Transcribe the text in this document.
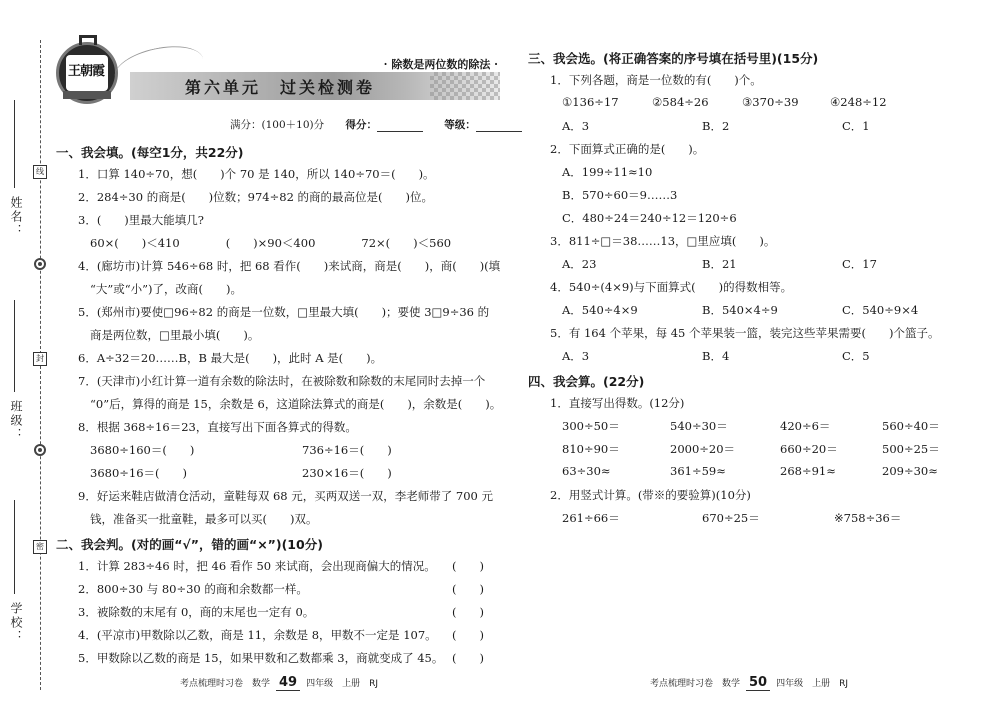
姓名：
班级：
学校：
线
封
密
王朝霞	· 除数是两位数的除法 ·
第六单元　过关检测卷
满分：(100＋10)分 得分：	等级：
一、我会填。(每空1分，共22分)
1．口算 140÷70，想(　　)个 70 是 140，所以 140÷70＝(　　)。
2．284÷30 的商是(　　)位数；974÷82 的商的最高位是(　　)位。
3．(　　)里最大能填几?
60×(　　)＜410　　　　(　　)×90＜400　　　　72×(　　)＜560
4．(廊坊市)计算 546÷68 时，把 68 看作(　　)来试商，商是(　　)，商(　　)(填
“大”或“小”)了，改商(　　)。
5．(郑州市)要使□96÷82 的商是一位数，□里最大填(　　)；要使 3□9÷36 的
商是两位数，□里最小填(　　)。
6．A÷32＝20……B，B 最大是(　　)，此时 A 是(　　)。
7．(天津市)小红计算一道有余数的除法时，在被除数和除数的末尾同时去掉一个
“0”后，算得的商是 15，余数是 6，这道除法算式的商是(　　)，余数是(　　)。
8．根据 368÷16＝23，直接写出下面各算式的得数。
3680÷160＝(　　)	736÷16＝(　　)
3680÷16＝(　　)	230×16＝(　　)
9．好运来鞋店做清仓活动，童鞋每双 68 元，买两双送一双，李老师带了 700 元
钱，准备买一批童鞋，最多可以买(　　)双。
二、我会判。(对的画“√”，错的画“×”)(10分)
1．计算 283÷46 时，把 46 看作 50 来试商，会出现商偏大的情况。 (　　)
2．800÷30 与 80÷30 的商和余数都一样。	(　　)
3．被除数的末尾有 0，商的末尾也一定有 0。	(　　)
4．(平凉市)甲数除以乙数，商是 11，余数是 8，甲数不一定是 107。 (　　)
5．甲数除以乙数的商是 15，如果甲数和乙数都乘 3，商就变成了 45。 (　　)
考点梳理时习卷　数学 49 四年级　上册　RJ
三、我会选。(将正确答案的序号填在括号里)(15分)
1．下列各题，商是一位数的有(　　)个。
①136÷17	②584÷26	③370÷39	④248÷12
A．3	B．2	C．1
2．下面算式正确的是(　　)。
A．199÷11≈10
B．570÷60＝9……3
C．480÷24＝240÷12＝120÷6
3．811÷□＝38……13，□里应填(　　)。
A．23	B．21	C．17
4．540÷(4×9)与下面算式(　　)的得数相等。
A．540÷4×9	B．540×4÷9	C．540÷9×4
5．有 164 个苹果，每 45 个苹果装一篮，装完这些苹果需要(　　)个篮子。
A．3	B．4	C．5
四、我会算。(22分)
1．直接写出得数。(12分)
300÷50＝	540÷30＝	420÷6＝	560÷40＝
810÷90＝	2000÷20＝	660÷20＝	500÷25＝
63÷30≈	361÷59≈	268÷91≈	209÷30≈
2．用竖式计算。(带※的要验算)(10分)
261÷66＝	670÷25＝	※758÷36＝
考点梳理时习卷　数学 50 四年级　上册　RJ
